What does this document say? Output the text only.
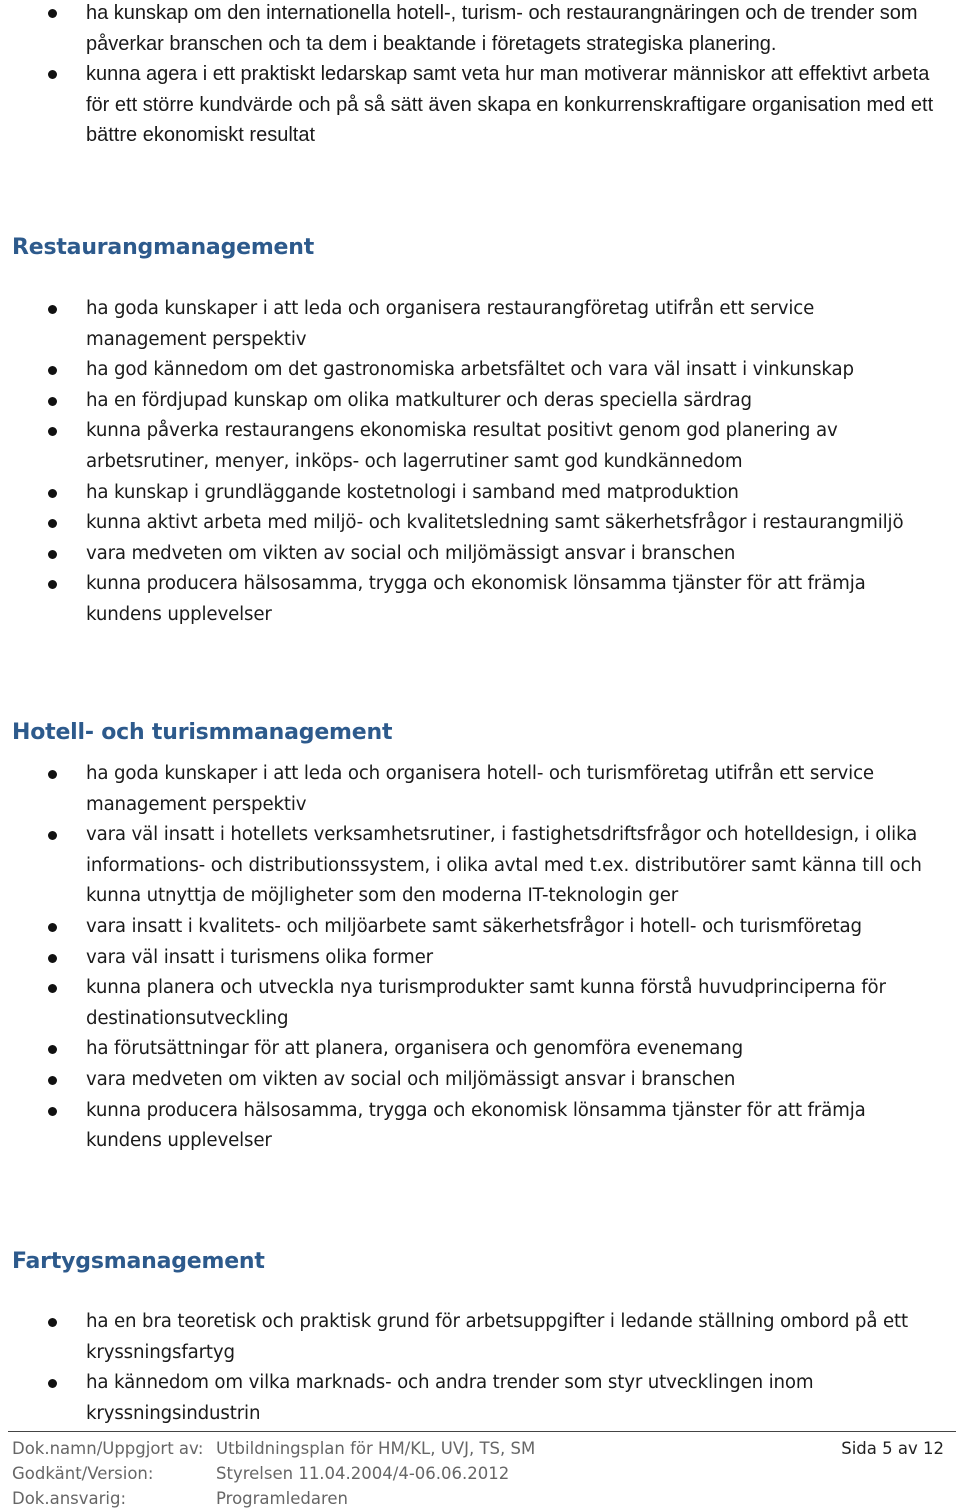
ha kunskap om den internationella hotell-, turism- och restaurangnäringen och de trender som påverkar branschen och ta dem i beaktande i företagets strategiska planering.
kunna agera i ett praktiskt ledarskap samt veta hur man motiverar människor att effektivt arbeta för ett större kundvärde och på så sätt även skapa en konkurrenskraftigare organisation med ett bättre ekonomiskt resultat
Restaurangmanagement
ha goda kunskaper i att leda och organisera restaurangföretag utifrån ett service management perspektiv
ha god kännedom om det gastronomiska arbetsfältet och vara väl insatt i vinkunskap
ha en fördjupad kunskap om olika matkulturer och deras speciella särdrag
kunna påverka restaurangens ekonomiska resultat positivt genom god planering av arbetsrutiner, menyer, inköps- och lagerrutiner samt god kundkännedom
ha kunskap i grundläggande kostetnologi i samband med matproduktion
kunna aktivt arbeta med miljö- och kvalitetsledning samt säkerhetsfrågor i restaurangmiljö
vara medveten om vikten av social och miljömässigt ansvar i branschen
kunna producera hälsosamma, trygga och ekonomisk lönsamma tjänster för att främja kundens upplevelser
Hotell- och turismmanagement
ha goda kunskaper i att leda och organisera hotell- och turismföretag utifrån ett service management perspektiv
vara väl insatt i hotellets verksamhetsrutiner, i fastighetsdriftsfrågor och hotelldesign, i olika informations- och distributionssystem, i olika avtal med t.ex. distributörer samt känna till och kunna utnyttja de möjligheter som den moderna IT-teknologin ger
vara insatt i kvalitets- och miljöarbete samt säkerhetsfrågor i hotell- och turismföretag
vara väl insatt i turismens olika former
kunna planera och utveckla nya turismprodukter samt kunna förstå huvudprinciperna för destinationsutveckling
ha förutsättningar för att planera, organisera och genomföra evenemang
vara medveten om vikten av social och miljömässigt ansvar i branschen
kunna producera hälsosamma, trygga och ekonomisk lönsamma tjänster för att främja kundens upplevelser
Fartygsmanagement
ha en bra teoretisk och praktisk grund för arbetsuppgifter i ledande ställning ombord på ett kryssningsfartyg
ha kännedom om vilka marknads- och andra trender som styr utvecklingen inom kryssningsindustrin
Dok.namn/Uppgjort av: Utbildningsplan för HM/KL, UVJ, TS, SM	Sida 5 av 12
Godkänt/Version:	Styrelsen 11.04.2004/4-06.06.2012
Dok.ansvarig:	Programledaren
